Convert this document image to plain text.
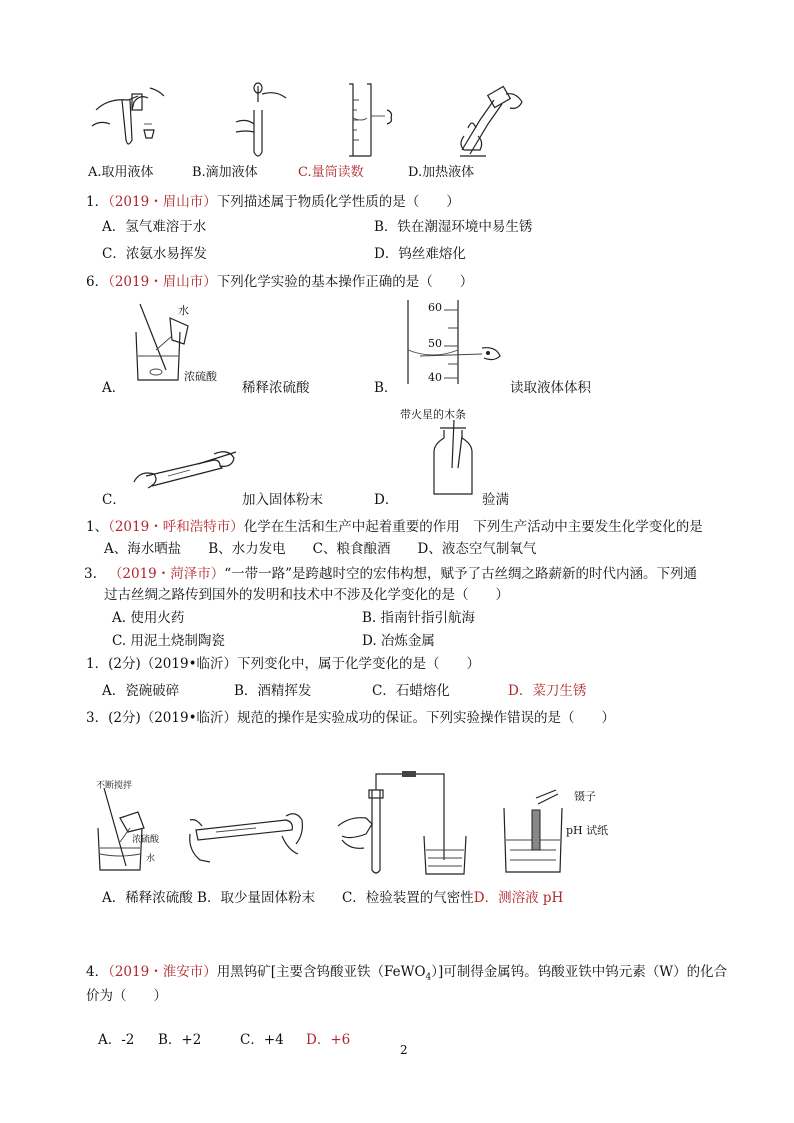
A.取用液体	B.滴加液体	C.量筒读数	D.加热液体
1．（2019・眉山市）下列描述属于物质化学性质的是（　　）
A．氢气难溶于水	B．铁在潮湿环境中易生锈
C．浓氨水易挥发	D．钨丝难熔化
6．（2019・眉山市）下列化学实验的基本操作正确的是（　　）
水
浓硫酸
A．	稀释浓硫酸
60
50
40
B．	读取液体体积
C．	加入固体粉末
带火星的木条
D．	验满
1、（2019・呼和浩特市）化学在生活和生产中起着重要的作用　下列生产活动中主要发生化学变化的是
A、海水晒盐　　B、水力发电　　C、粮食酿酒　　D、液态空气制氧气
3. （2019・菏泽市）“一带一路”是跨越时空的宏伟构想，赋予了古丝绸之路薪新的时代内涵。下列通
过古丝绸之路传到国外的发明和技术中不涉及化学变化的是（　　）
A. 使用火药	B. 指南针指引航海
C. 用泥土烧制陶瓷	D. 冶炼金属
1．(2分)（2019•临沂）下列变化中，属于化学变化的是（　　）
A．瓷碗破碎	B．酒精挥发	C．石蜡熔化	D．菜刀生锈
3．(2分)（2019•临沂）规范的操作是实验成功的保证。下列实验操作错误的是（　　）
不断搅拌
浓硫酸
水
镊子
pH 试纸
A．稀释浓硫酸 B．取少量固体粉末　　C．检验装置的气密性D．测溶液 pH
4．（2019・淮安市）用黑钨矿[主要含钨酸亚铁（FeWO$_4$）]可制得金属钨。钨酸亚铁中钨元素（W）的化合
价为（　　）
A．-2 B．+2	C．+4 D．+6
2
